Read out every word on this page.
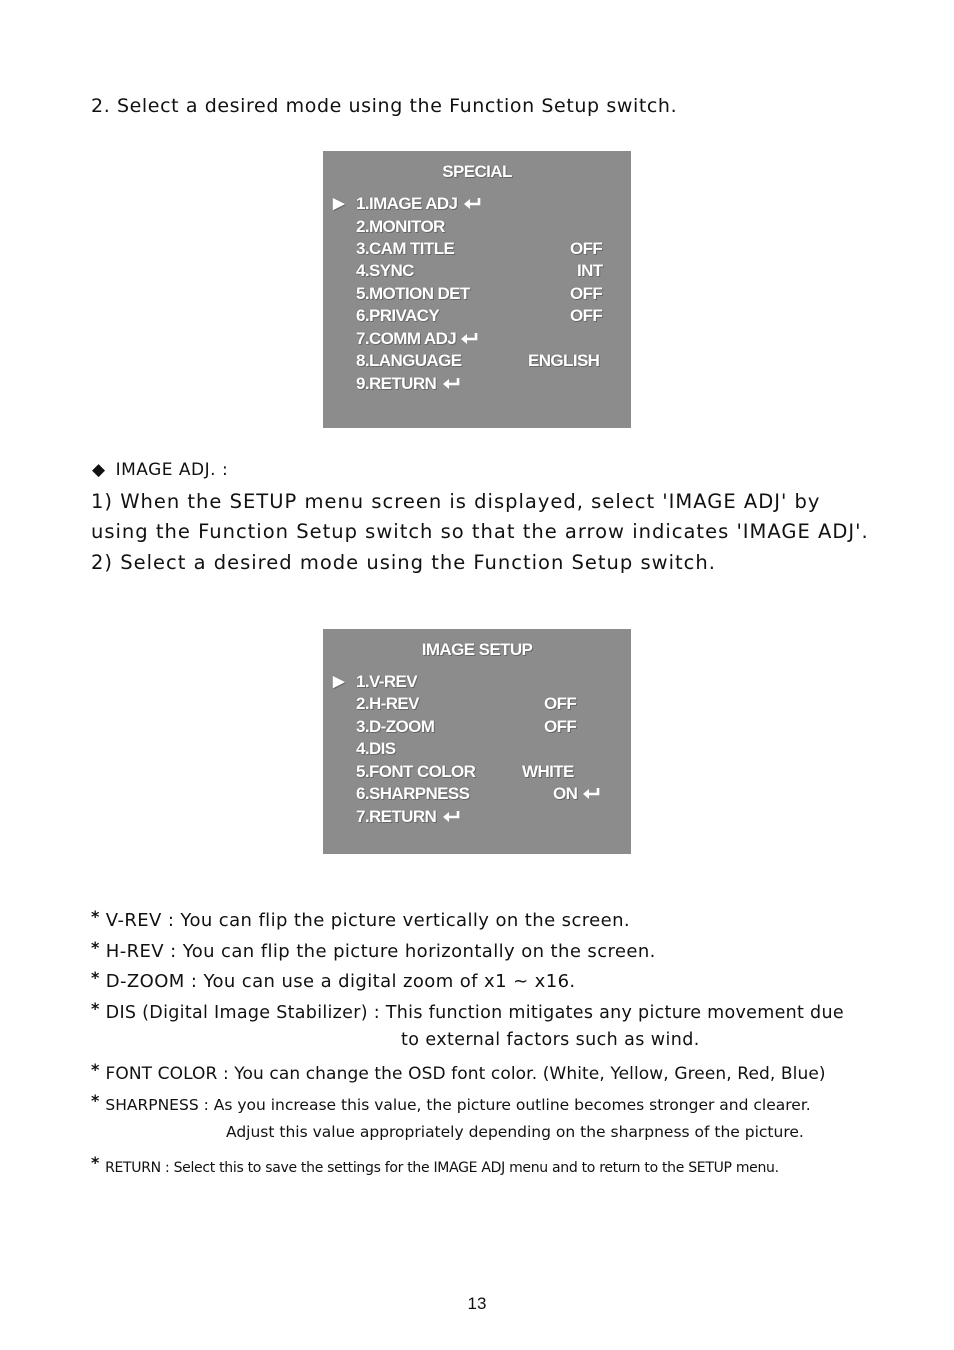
2. Select a desired mode using the Function Setup switch.
SPECIAL
▶ 1.IMAGE ADJ
2.MONITOR
3.CAM TITLE	OFF
4.SYNC	INT
5.MOTION DET	OFF
6.PRIVACY	OFF
7.COMM ADJ
8.LANGUAGE	ENGLISH
9.RETURN
◆ IMAGE ADJ. :
1) When the SETUP menu screen is displayed, select 'IMAGE ADJ' by
using the Function Setup switch so that the arrow indicates 'IMAGE ADJ'.
2) Select a desired mode using the Function Setup switch.
IMAGE SETUP
▶ 1.V-REV
2.H-REV	OFF
3.D-ZOOM	OFF
4.DIS
5.FONT COLOR	WHITE
6.SHARPNESS	ON
7.RETURN
* V-REV : You can flip the picture vertically on the screen.
* H-REV : You can flip the picture horizontally on the screen.
* D-ZOOM : You can use a digital zoom of x1 ~ x16.
* DIS (Digital Image Stabilizer) : This function mitigates any picture movement due
to external factors such as wind.
* FONT COLOR : You can change the OSD font color. (White, Yellow, Green, Red, Blue)
* SHARPNESS : As you increase this value, the picture outline becomes stronger and clearer.
Adjust this value appropriately depending on the sharpness of the picture.
* RETURN : Select this to save the settings for the IMAGE ADJ menu and to return to the SETUP menu.
13
